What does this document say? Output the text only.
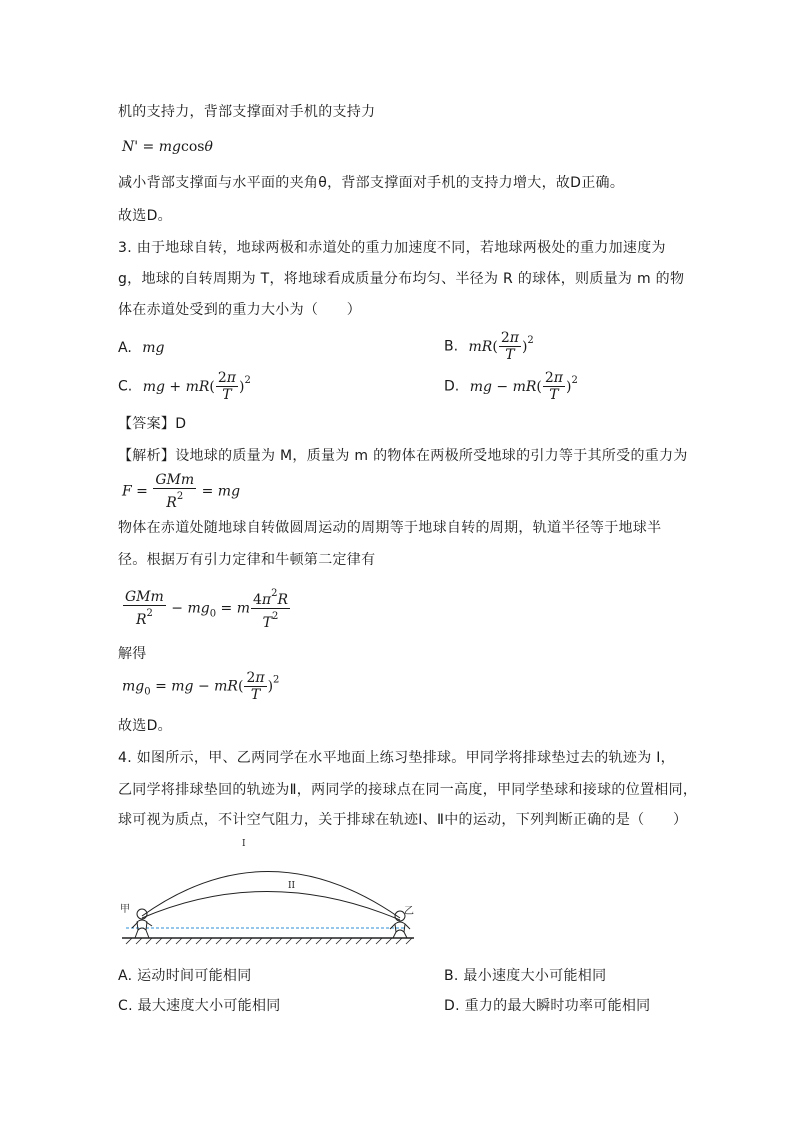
机的支持力，背部支撑面对手机的支持力
N' = mgcosθ
减小背部支撑面与水平面的夹角θ，背部支撑面对手机的支持力增大，故D正确。
故选D。
3. 由于地球自转，地球两极和赤道处的重力加速度不同，若地球两极处的重力加速度为
g，地球的自转周期为 T，将地球看成质量分布均匀、半径为 R 的球体，则质量为 m 的物
体在赤道处受到的重力大小为（　　）
A. mg	B. $mR( \frac{2\pi}{T} )^2$
C. mg + $mR( \frac{2\pi}{T} )^2$	D. mg − $mR( \frac{2\pi}{T} )^2$
【答案】D
【解析】设地球的质量为 M，质量为 m 的物体在两极所受地球的引力等于其所受的重力为
$F = \frac{\text{GMm}}{R^2}$ = mg
物体在赤道处随地球自转做圆周运动的周期等于地球自转的周期，轨道半径等于地球半
径。根据万有引力定律和牛顿第二定律有
$\frac{\text{GMm}}{R^2} - mg_0 = m \frac{4\pi^2R}{T^2}$
解得
$mg_0$ = mg − $mR( \frac{2\pi}{T} )^2$
故选D。
4. 如图所示，甲、乙两同学在水平地面上练习垫排球。甲同学将排球垫过去的轨迹为 Ⅰ，
乙同学将排球垫回的轨迹为Ⅱ，两同学的接球点在同一高度，甲同学垫球和接球的位置相同，
球可视为质点，不计空气阻力，关于排球在轨迹Ⅰ、Ⅱ中的运动，下列判断正确的是（　　）
甲	乙
I
II
A. 运动时间可能相同	B. 最小速度大小可能相同
C. 最大速度大小可能相同	D. 重力的最大瞬时功率可能相同
